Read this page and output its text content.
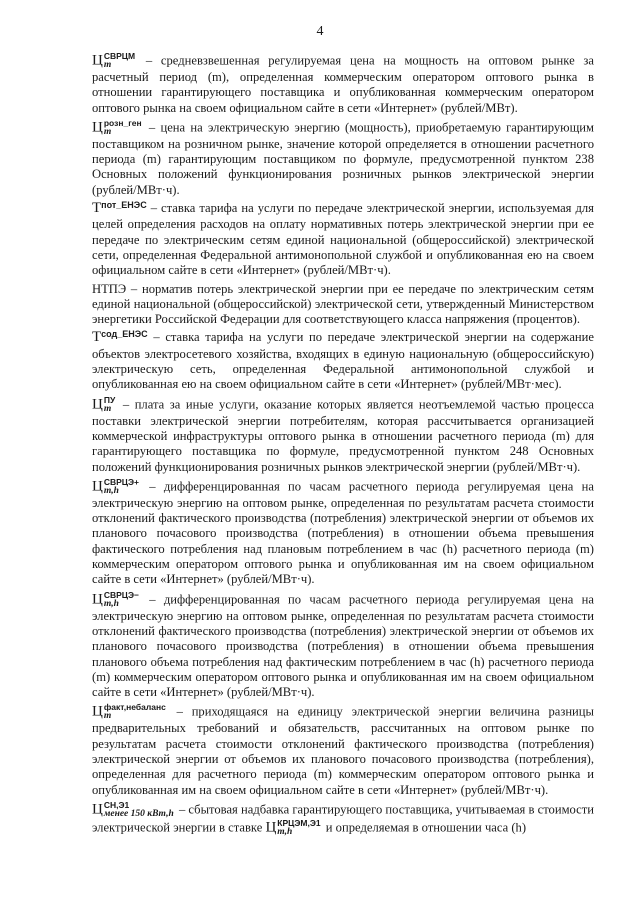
4

Ц СВРЦМ
m	– средневзвешенная регулируемая цена на мощность на оптовом рынке за расчетный период (m), определенная коммерческим оператором оптового рынка в отношении гарантирующего поставщика и опубликованная коммерческим оператором оптового рынка на своем официальном сайте в сети «Интернет» (рублей/МВт).

Ц розн_ген
m	– цена на электрическую энергию (мощность), приобретаемую гарантирующим поставщиком на розничном рынке, значение которой определяется в отношении расчетного периода (m) гарантирующим поставщиком по формуле, предусмотренной пунктом 238 Основных положений функционирования розничных рынков электрической энергии (рублей/МВт·ч).

$Т^{пот\_ЕНЭС}$ – ставка тарифа на услуги по передаче электрической энергии, используемая для целей определения расходов на оплату нормативных потерь электрической энергии при ее передаче по электрическим сетям единой национальной (общероссийской) электрической сети, определенная Федеральной антимонопольной службой и опубликованная ею на своем официальном сайте в сети «Интернет» (рублей/МВт·ч).

НТПЭ – норматив потерь электрической энергии при ее передаче по электрическим сетям единой национальной (общероссийской) электрической сети, утвержденный Министерством энергетики Российской Федерации для соответствующего класса напряжения (процентов).

$Т^{сод\_ЕНЭС}$ – ставка тарифа на услуги по передаче электрической энергии на содержание объектов электросетевого хозяйства, входящих в единую национальную (общероссийскую) электрическую сеть, определенная Федеральной антимонопольной службой и опубликованная ею на своем официальном сайте в сети «Интернет» (рублей/МВт·мес).

Ц ПУ
m – плата за иные услуги, оказание которых является неотъемлемой частью процесса поставки электрической энергии потребителям, которая рассчитывается организацией коммерческой инфраструктуры оптового рынка в отношении расчетного периода (m) для гарантирующего поставщика по формуле, предусмотренной пунктом 248 Основных положений функционирования розничных рынков электрической энергии (рублей/МВт·ч).

Ц СВРЦЭ+
m,h	– дифференцированная по часам расчетного периода регулируемая цена на электрическую энергию на оптовом рынке, определенная по результатам расчета стоимости отклонений фактического производства (потребления) электрической энергии от объемов их планового почасового производства (потребления) в отношении объема превышения фактического потребления над плановым потреблением в час (h) расчетного периода (m) коммерческим оператором оптового рынка и опубликованная им на своем официальном сайте в сети «Интернет» (рублей/МВт·ч).

Ц СВРЦЭ−
m,h	– дифференцированная по часам расчетного периода регулируемая цена на электрическую энергию на оптовом рынке, определенная по результатам расчета стоимости отклонений фактического производства (потребления) электрической энергии от объемов их планового почасового производства (потребления) в отношении объема превышения планового объема потребления над фактическим потреблением в час (h) расчетного периода (m) коммерческим оператором оптового рынка и опубликованная им на своем официальном сайте в сети «Интернет» (рублей/МВт·ч).

Ц факт,небаланс
m	– приходящаяся на единицу электрической энергии величина разницы предварительных требований и обязательств, рассчитанных на оптовом рынке по результатам расчета стоимости отклонений фактического производства (потребления) электрической энергии от объемов их планового почасового производства (потребления), определенная для расчетного периода (m) коммерческим оператором оптового рынка и опубликованная им на своем официальном сайте в сети «Интернет» (рублей/МВт·ч).

Ц СН,Э1
менее 150 кВт,h – сбытовая надбавка гарантирующего поставщика, учитываемая в стоимости электрической энергии в ставке Ц КРЦЭМ,Э1
m,h	и определяемая в отношении часа (h)
